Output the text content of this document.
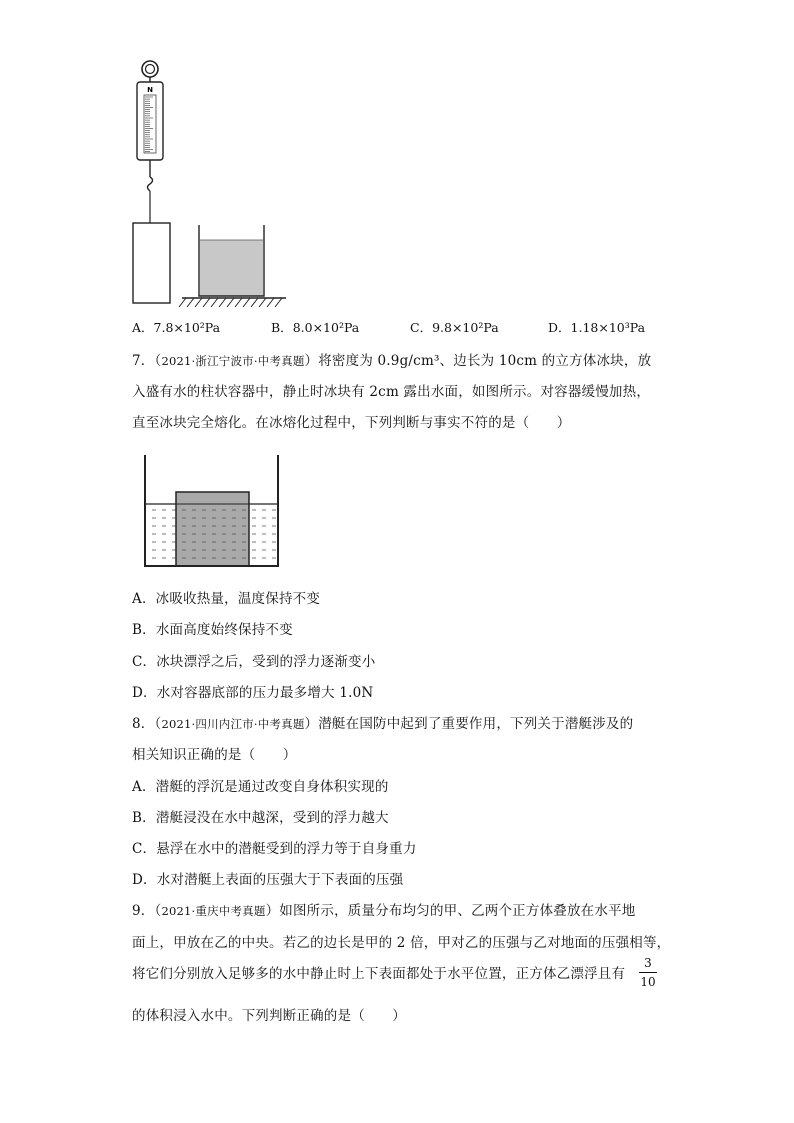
N
A．7.8×10²Pa	B．8.0×10²Pa	C．9.8×10²Pa	D．1.18×10³Pa
7．（2021·浙江宁波市·中考真题）将密度为 0.9g/cm³、边长为 10cm 的立方体冰块，放
入盛有水的柱状容器中，静止时冰块有 2cm 露出水面，如图所示。对容器缓慢加热，
直至冰块完全熔化。在冰熔化过程中，下列判断与事实不符的是（　　）
A．冰吸收热量，温度保持不变
B．水面高度始终保持不变
C．冰块漂浮之后，受到的浮力逐渐变小
D．水对容器底部的压力最多增大 1.0N
8．（2021·四川内江市·中考真题）潜艇在国防中起到了重要作用，下列关于潜艇涉及的
相关知识正确的是（　　）
A．潜艇的浮沉是通过改变自身体积实现的
B．潜艇浸没在水中越深，受到的浮力越大
C．悬浮在水中的潜艇受到的浮力等于自身重力
D．水对潜艇上表面的压强大于下表面的压强
9．（2021·重庆中考真题）如图所示，质量分布均匀的甲、乙两个正方体叠放在水平地
面上，甲放在乙的中央。若乙的边长是甲的 2 倍，甲对乙的压强与乙对地面的压强相等，
将它们分别放入足够多的水中静止时上下表面都处于水平位置，正方体乙漂浮且有
3
10
的体积浸入水中。下列判断正确的是（　　）
